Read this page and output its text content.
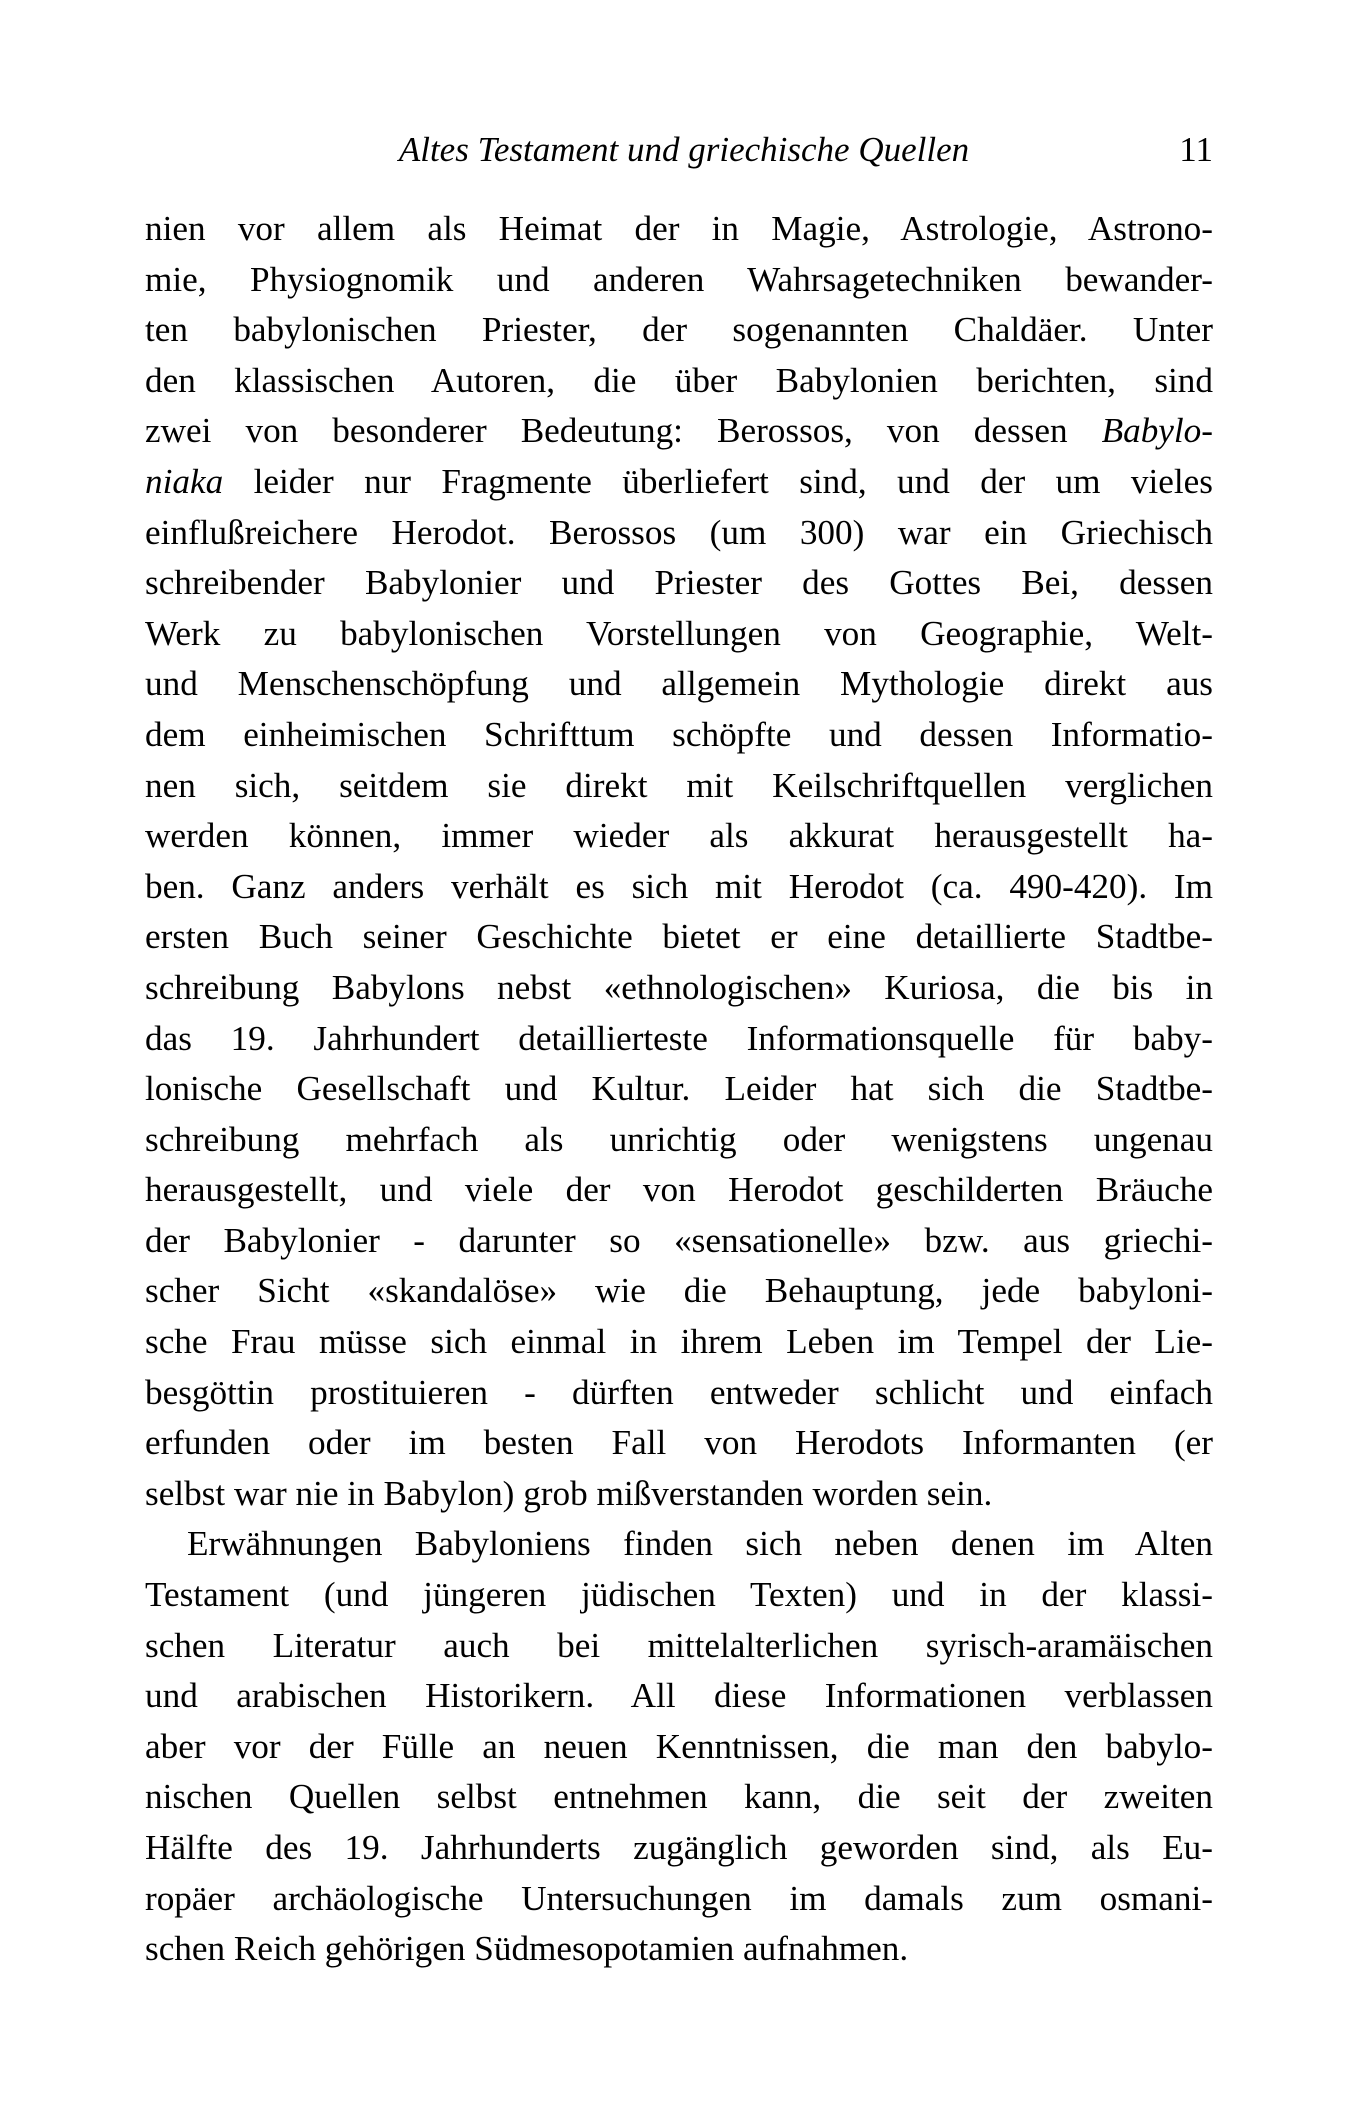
Altes Testament und griechische Quellen	11
nien vor allem als Heimat der in Magie, Astrologie, Astrono-
mie, Physiognomik und anderen Wahrsagetechniken bewander-
ten babylonischen Priester, der sogenannten Chaldäer. Unter
den klassischen Autoren, die über Babylonien berichten, sind
zwei von besonderer Bedeutung: Berossos, von dessen Babylo-
niaka leider nur Fragmente überliefert sind, und der um vieles
einflußreichere Herodot. Berossos (um 300) war ein Griechisch
schreibender Babylonier und Priester des Gottes Bei, dessen
Werk zu babylonischen Vorstellungen von Geographie, Welt-
und Menschenschöpfung und allgemein Mythologie direkt aus
dem einheimischen Schrifttum schöpfte und dessen Informatio-
nen sich, seitdem sie direkt mit Keilschriftquellen verglichen
werden können, immer wieder als akkurat herausgestellt ha-
ben. Ganz anders verhält es sich mit Herodot (ca. 490-420). Im
ersten Buch seiner Geschichte bietet er eine detaillierte Stadtbe-
schreibung Babylons nebst «ethnologischen» Kuriosa, die bis in
das 19. Jahrhundert detaillierteste Informationsquelle für baby-
lonische Gesellschaft und Kultur. Leider hat sich die Stadtbe-
schreibung mehrfach als unrichtig oder wenigstens ungenau
herausgestellt, und viele der von Herodot geschilderten Bräuche
der Babylonier - darunter so «sensationelle» bzw. aus griechi-
scher Sicht «skandalöse» wie die Behauptung, jede babyloni-
sche Frau müsse sich einmal in ihrem Leben im Tempel der Lie-
besgöttin prostituieren - dürften entweder schlicht und einfach
erfunden oder im besten Fall von Herodots Informanten (er
selbst war nie in Babylon) grob mißverstanden worden sein.
Erwähnungen Babyloniens finden sich neben denen im Alten
Testament (und jüngeren jüdischen Texten) und in der klassi-
schen Literatur auch bei mittelalterlichen syrisch-aramäischen
und arabischen Historikern. All diese Informationen verblassen
aber vor der Fülle an neuen Kenntnissen, die man den babylo-
nischen Quellen selbst entnehmen kann, die seit der zweiten
Hälfte des 19. Jahrhunderts zugänglich geworden sind, als Eu-
ropäer archäologische Untersuchungen im damals zum osmani-
schen Reich gehörigen Südmesopotamien aufnahmen.
